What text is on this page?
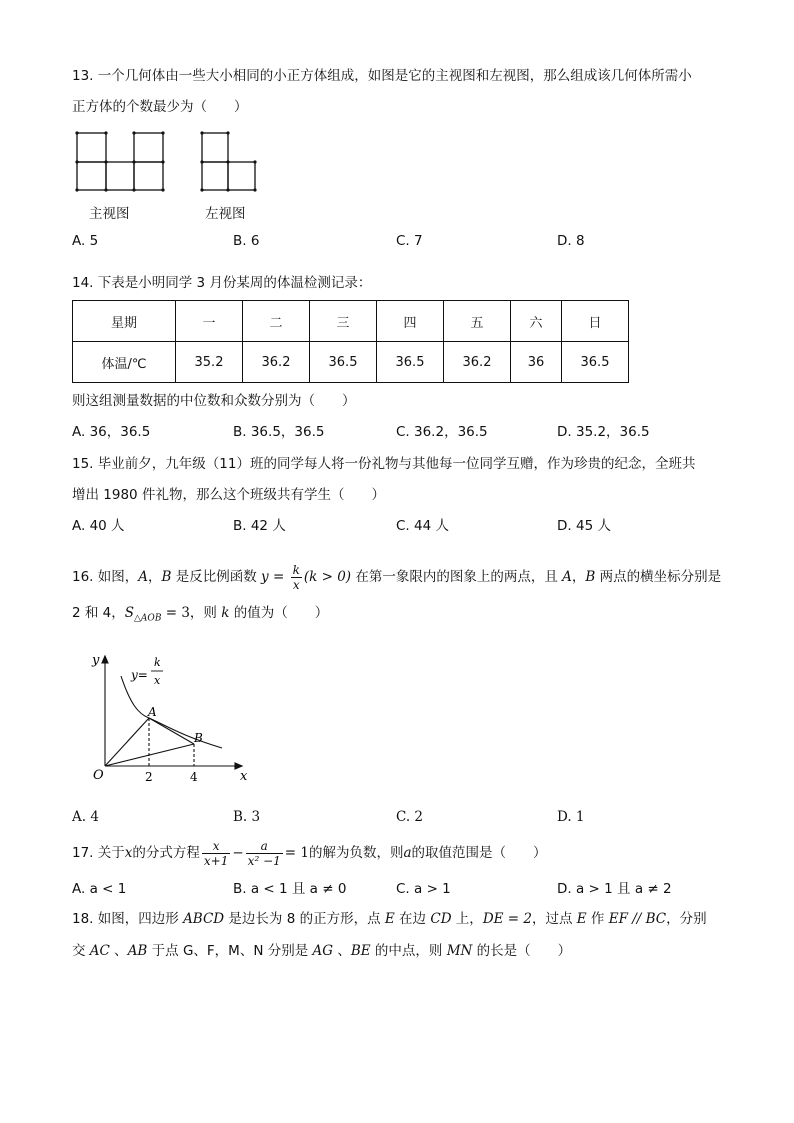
13. 一个几何体由一些大小相同的小正方体组成，如图是它的主视图和左视图，那么组成该几何体所需小
正方体的个数最少为（　　）
主视图	左视图
A. 5	B. 6	C. 7	D. 8
14. 下表是小明同学 3 月份某周的体温检测记录：
星期	一	二	三	四	五	六	日
体温/℃	35.2	36.2	36.5	36.5	36.2	36	36.5
则这组测量数据的中位数和众数分别为（　　）
A. 36，36.5	B. 36.5，36.5	C. 36.2，36.5	D. 35.2，36.5
15. 毕业前夕，九年级（11）班的同学每人将一份礼物与其他每一位同学互赠，作为珍贵的纪念，全班共
增出 1980 件礼物，那么这个班级共有学生（　　）
A. 40 人	B. 42 人	C. 44 人	D. 45 人
16. 如图，A，B 是反比例函数 $y = \frac{k}{x} (k > 0)$ 在第一象限内的图象上的两点，且 A，B 两点的横坐标分别是
2 和 4，$S_{\triangle AOB} = 3$，则 k 的值为（　　）
y
x
O
y=
k
x
A
B
2	4
A. 4	B. 3	C. 2	D. 1
17. 关于x的分式方程 $\frac{x}{x+1} - \frac{a}{\text{x² −1}} = 1$的解为负数，则a的取值范围是（　　）
A. a < 1	B. a < 1 且 a ≠ 0	C. a > 1	D. a > 1 且 a ≠ 2
18. 如图，四边形 ABCD 是边长为 8 的正方形，点 E 在边 CD 上，DE = 2，过点 E 作 EF // BC，分别
交 AC 、AB 于点 G、F，M、N 分别是 AG 、BE 的中点，则 MN 的长是（　　）
